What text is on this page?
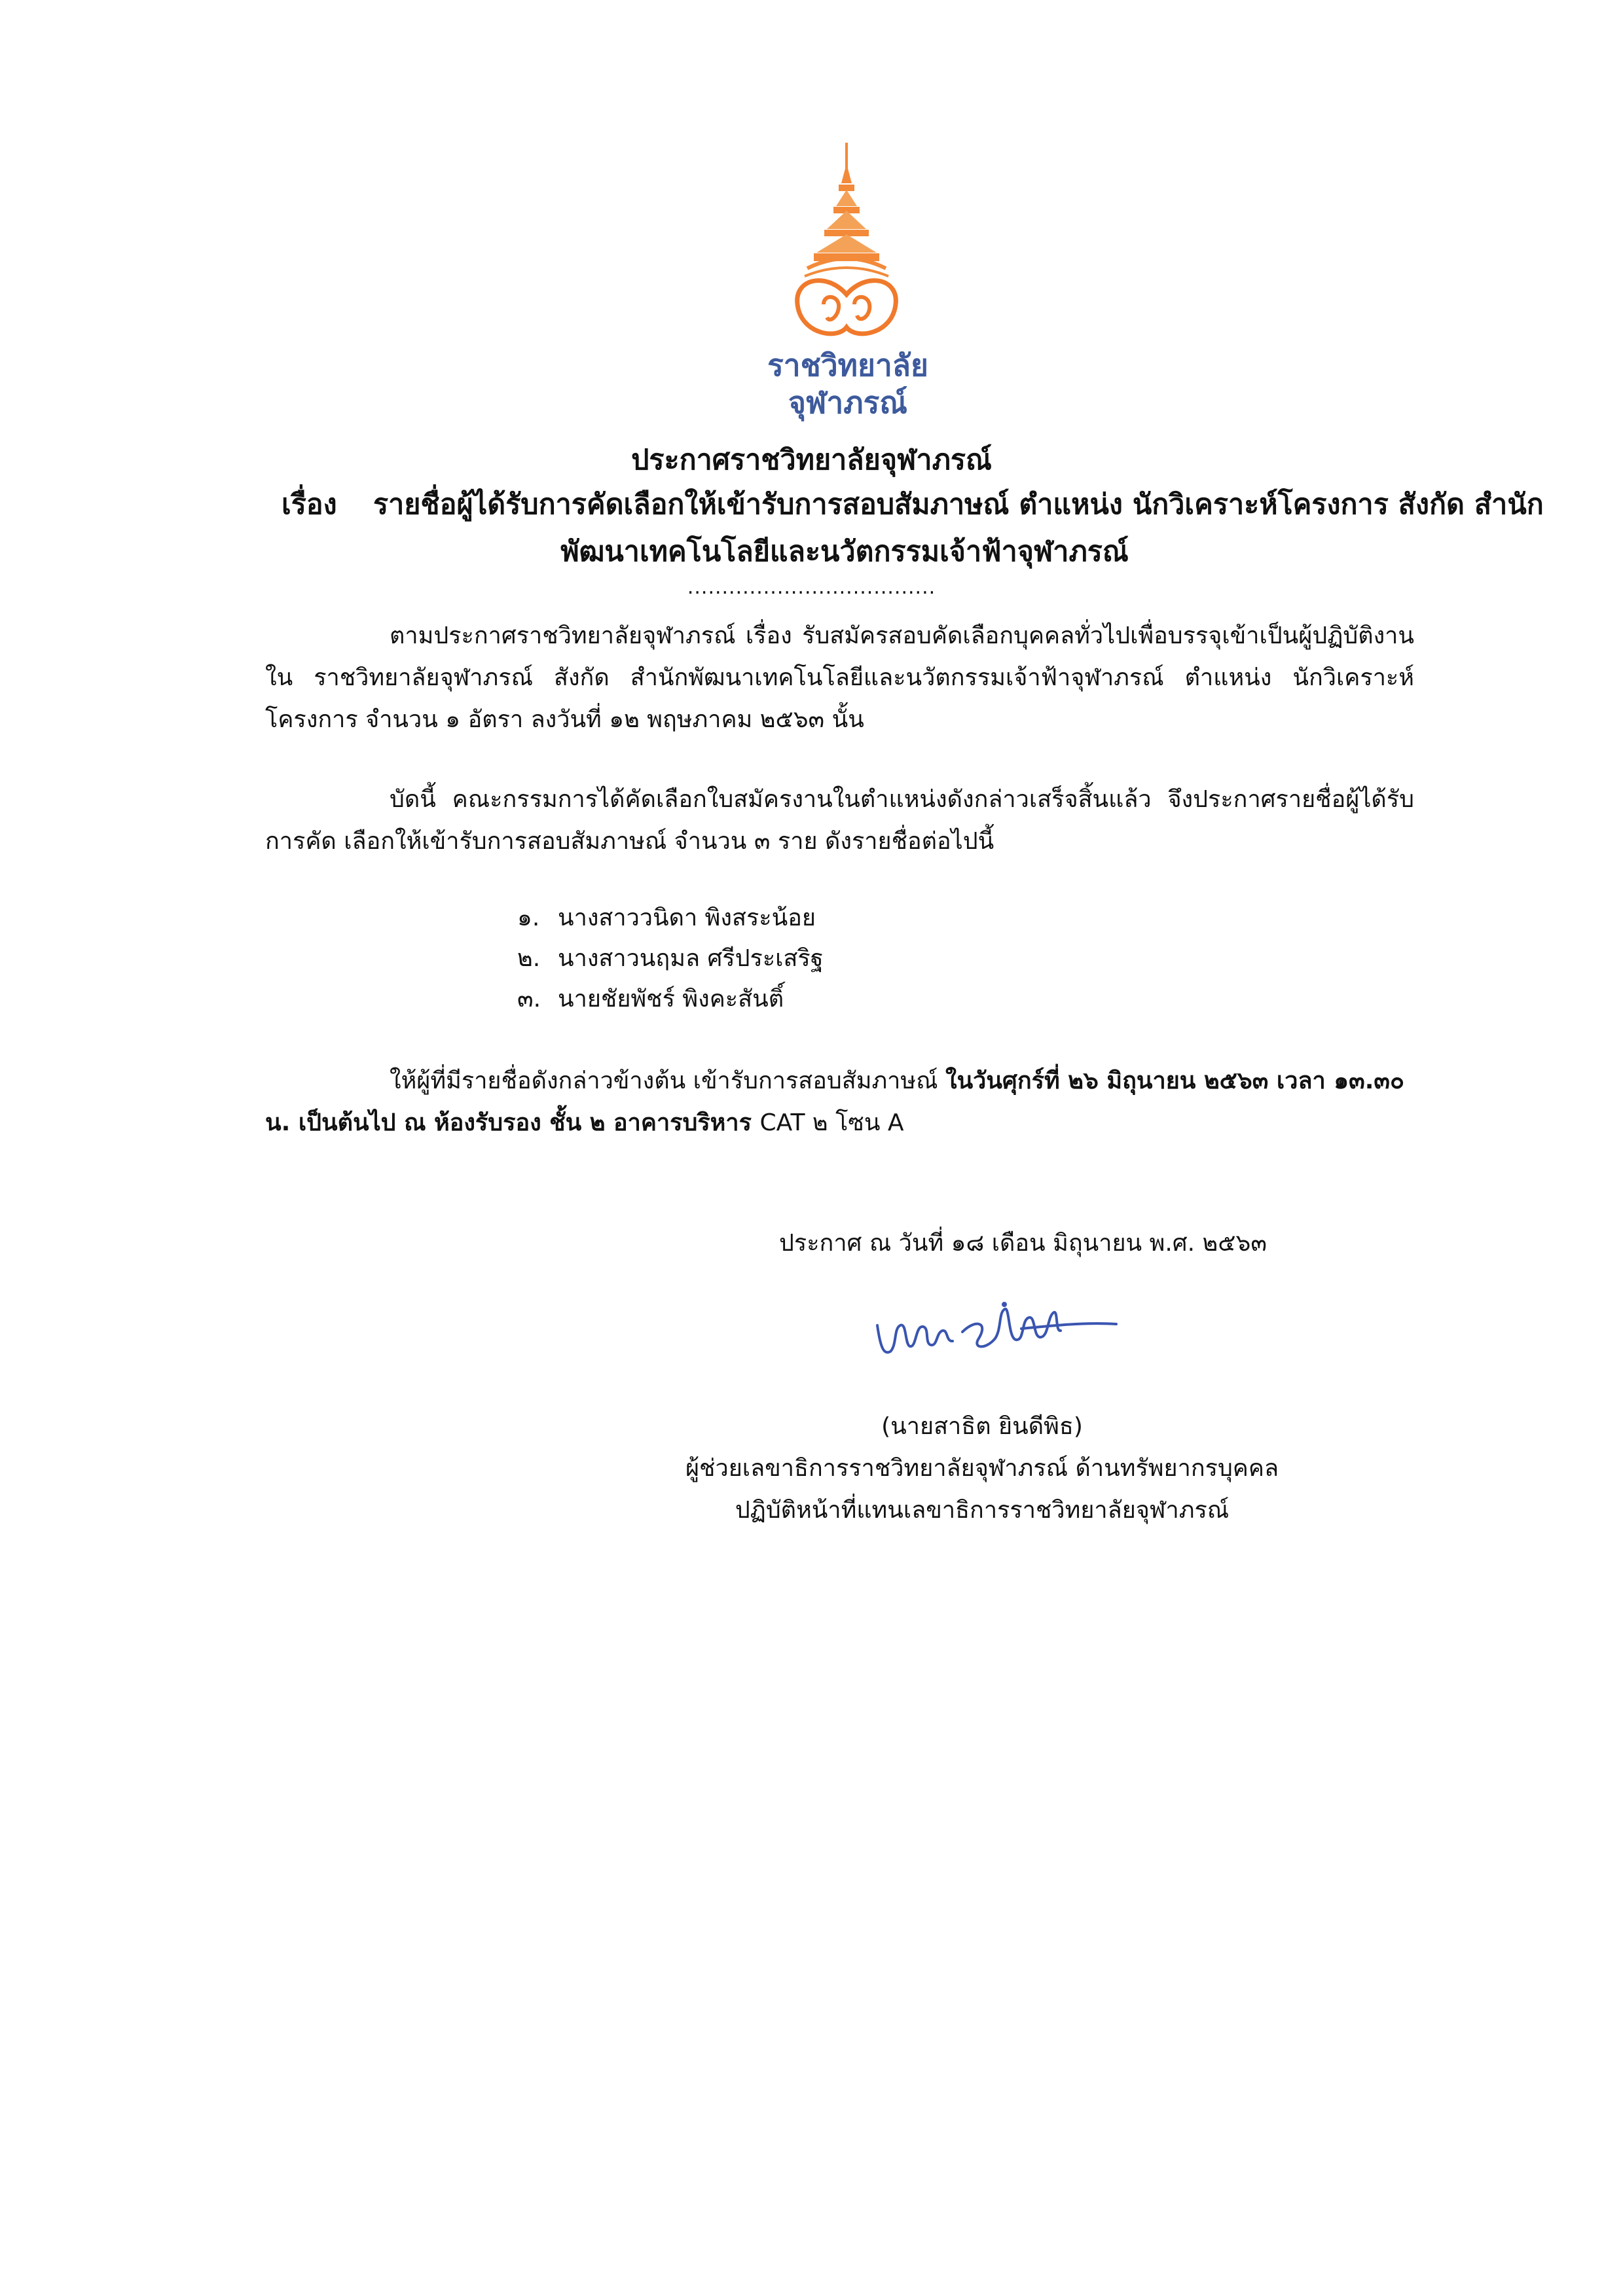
ราชวิทยาลัย
จุฬาภรณ์
ประกาศราชวิทยาลัยจุฬาภรณ์
เรื่อง รายชื่อผู้ได้รับการคัดเลือกให้เข้ารับการสอบสัมภาษณ์ ตำแหน่ง นักวิเคราะห์โครงการ สังกัด สำนัก
พัฒนาเทคโนโลยีและนวัตกรรมเจ้าฟ้าจุฬาภรณ์
....................................
ตามประกาศราชวิทยาลัยจุฬาภรณ์ เรื่อง รับสมัครสอบคัดเลือกบุคคลทั่วไปเพื่อบรรจุเข้าเป็นผู้ปฏิบัติงานใน ราชวิทยาลัยจุฬาภรณ์ สังกัด สำนักพัฒนาเทคโนโลยีและนวัตกรรมเจ้าฟ้าจุฬาภรณ์ ตำแหน่ง นักวิเคราะห์โครงการ จำนวน ๑ อัตรา ลงวันที่ ๑๒ พฤษภาคม ๒๕๖๓ นั้น
บัดนี้ คณะกรรมการได้คัดเลือกใบสมัครงานในตำแหน่งดังกล่าวเสร็จสิ้นแล้ว จึงประกาศรายชื่อผู้ได้รับการคัด เลือกให้เข้ารับการสอบสัมภาษณ์ จำนวน ๓ ราย ดังรายชื่อต่อไปนี้
๑. นางสาววนิดา พิงสระน้อย
๒. นางสาวนฤมล ศรีประเสริฐ
๓. นายชัยพัชร์ พิงคะสันติ์
ให้ผู้ที่มีรายชื่อดังกล่าวข้างต้น เข้ารับการสอบสัมภาษณ์ ในวันศุกร์ที่ ๒๖ มิถุนายน ๒๕๖๓ เวลา ๑๓.๓๐ น. เป็นต้นไป ณ ห้องรับรอง ชั้น ๒ อาคารบริหาร CAT ๒ โซน A
ประกาศ ณ วันที่ ๑๘ เดือน มิถุนายน พ.ศ. ๒๕๖๓
(นายสาธิต ยินดีพิธ)
ผู้ช่วยเลขาธิการราชวิทยาลัยจุฬาภรณ์ ด้านทรัพยากรบุคคล
ปฏิบัติหน้าที่แทนเลขาธิการราชวิทยาลัยจุฬาภรณ์
